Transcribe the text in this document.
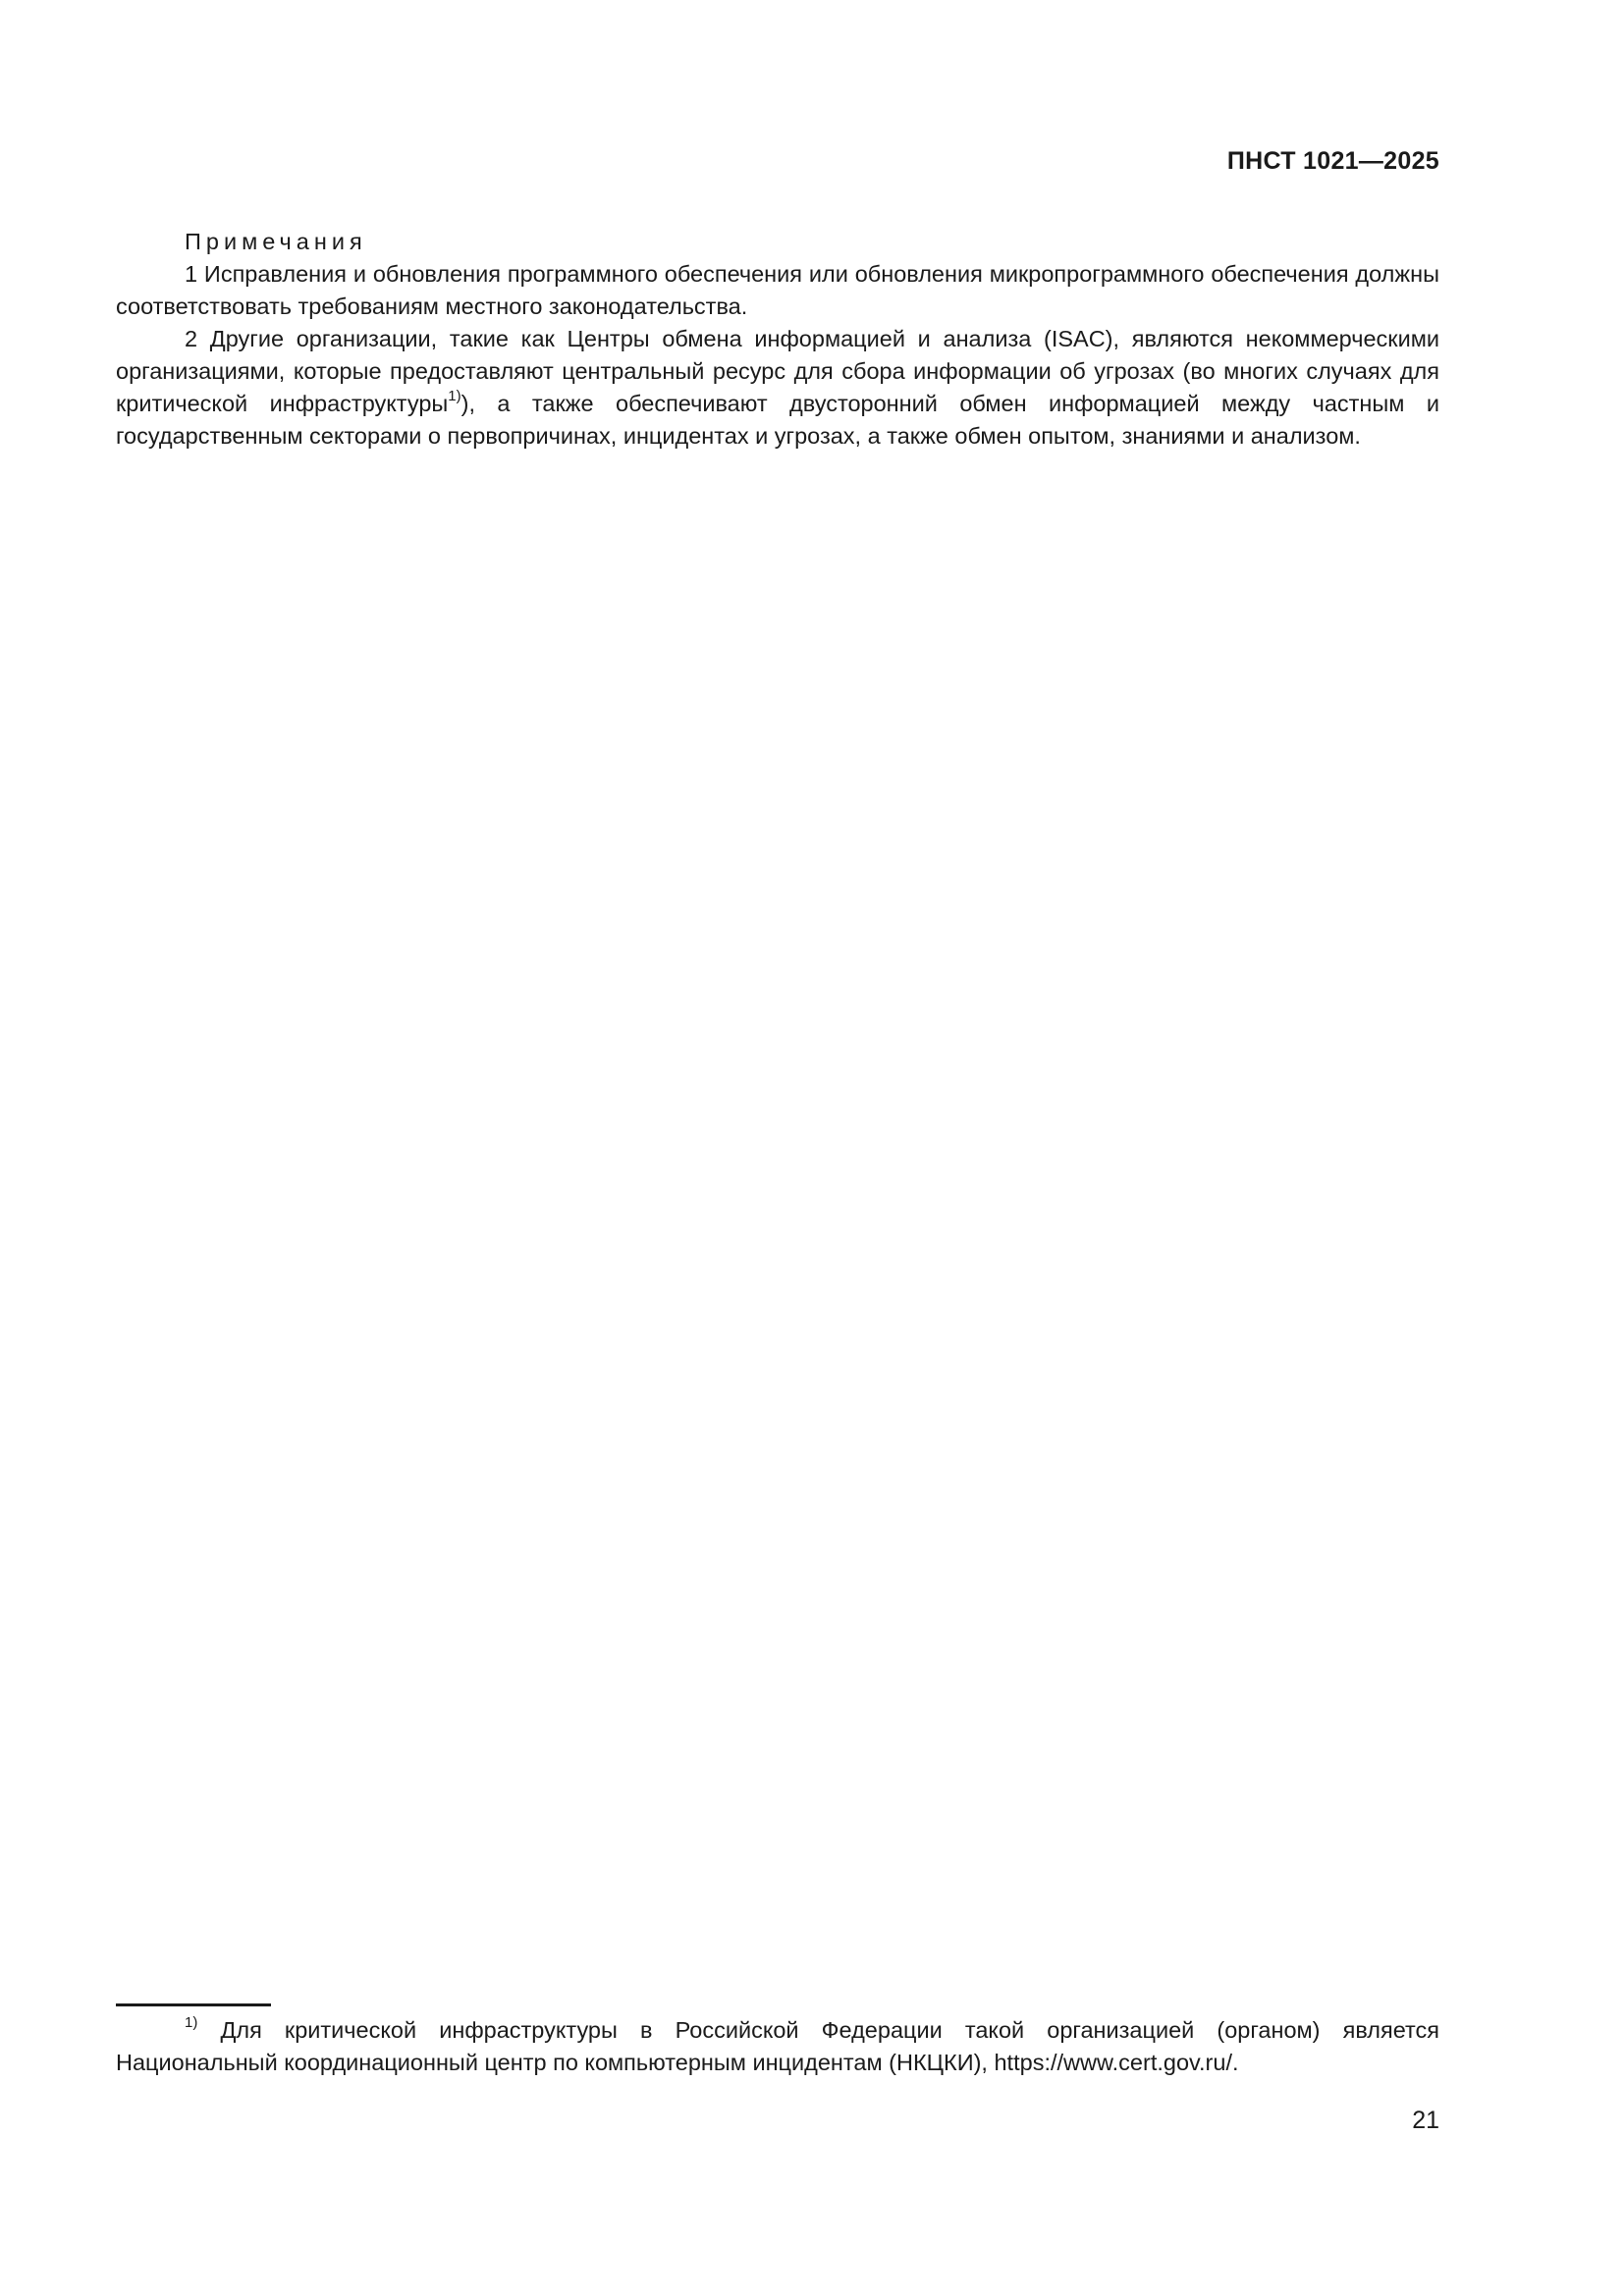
ПНСТ 1021—2025
Примечания

1 Исправления и обновления программного обеспечения или обновления микропрограммного обеспечения должны соответствовать требованиям местного законодательства.

2 Другие организации, такие как Центры обмена информацией и анализа (ISAC), являются некоммерческими организациями, которые предоставляют центральный ресурс для сбора информации об угрозах (во многих случаях для критической инфраструктуры$^{1)}$), а также обеспечивают двусторонний обмен информацией между частным и государственным секторами о первопричинах, инцидентах и угрозах, а также обмен опытом, знаниями и анализом.

$^{1)}$ Для критической инфраструктуры в Российской Федерации такой организацией (органом) является Национальный координационный центр по компьютерным инцидентам (НКЦКИ), https://www.cert.gov.ru/.
21
